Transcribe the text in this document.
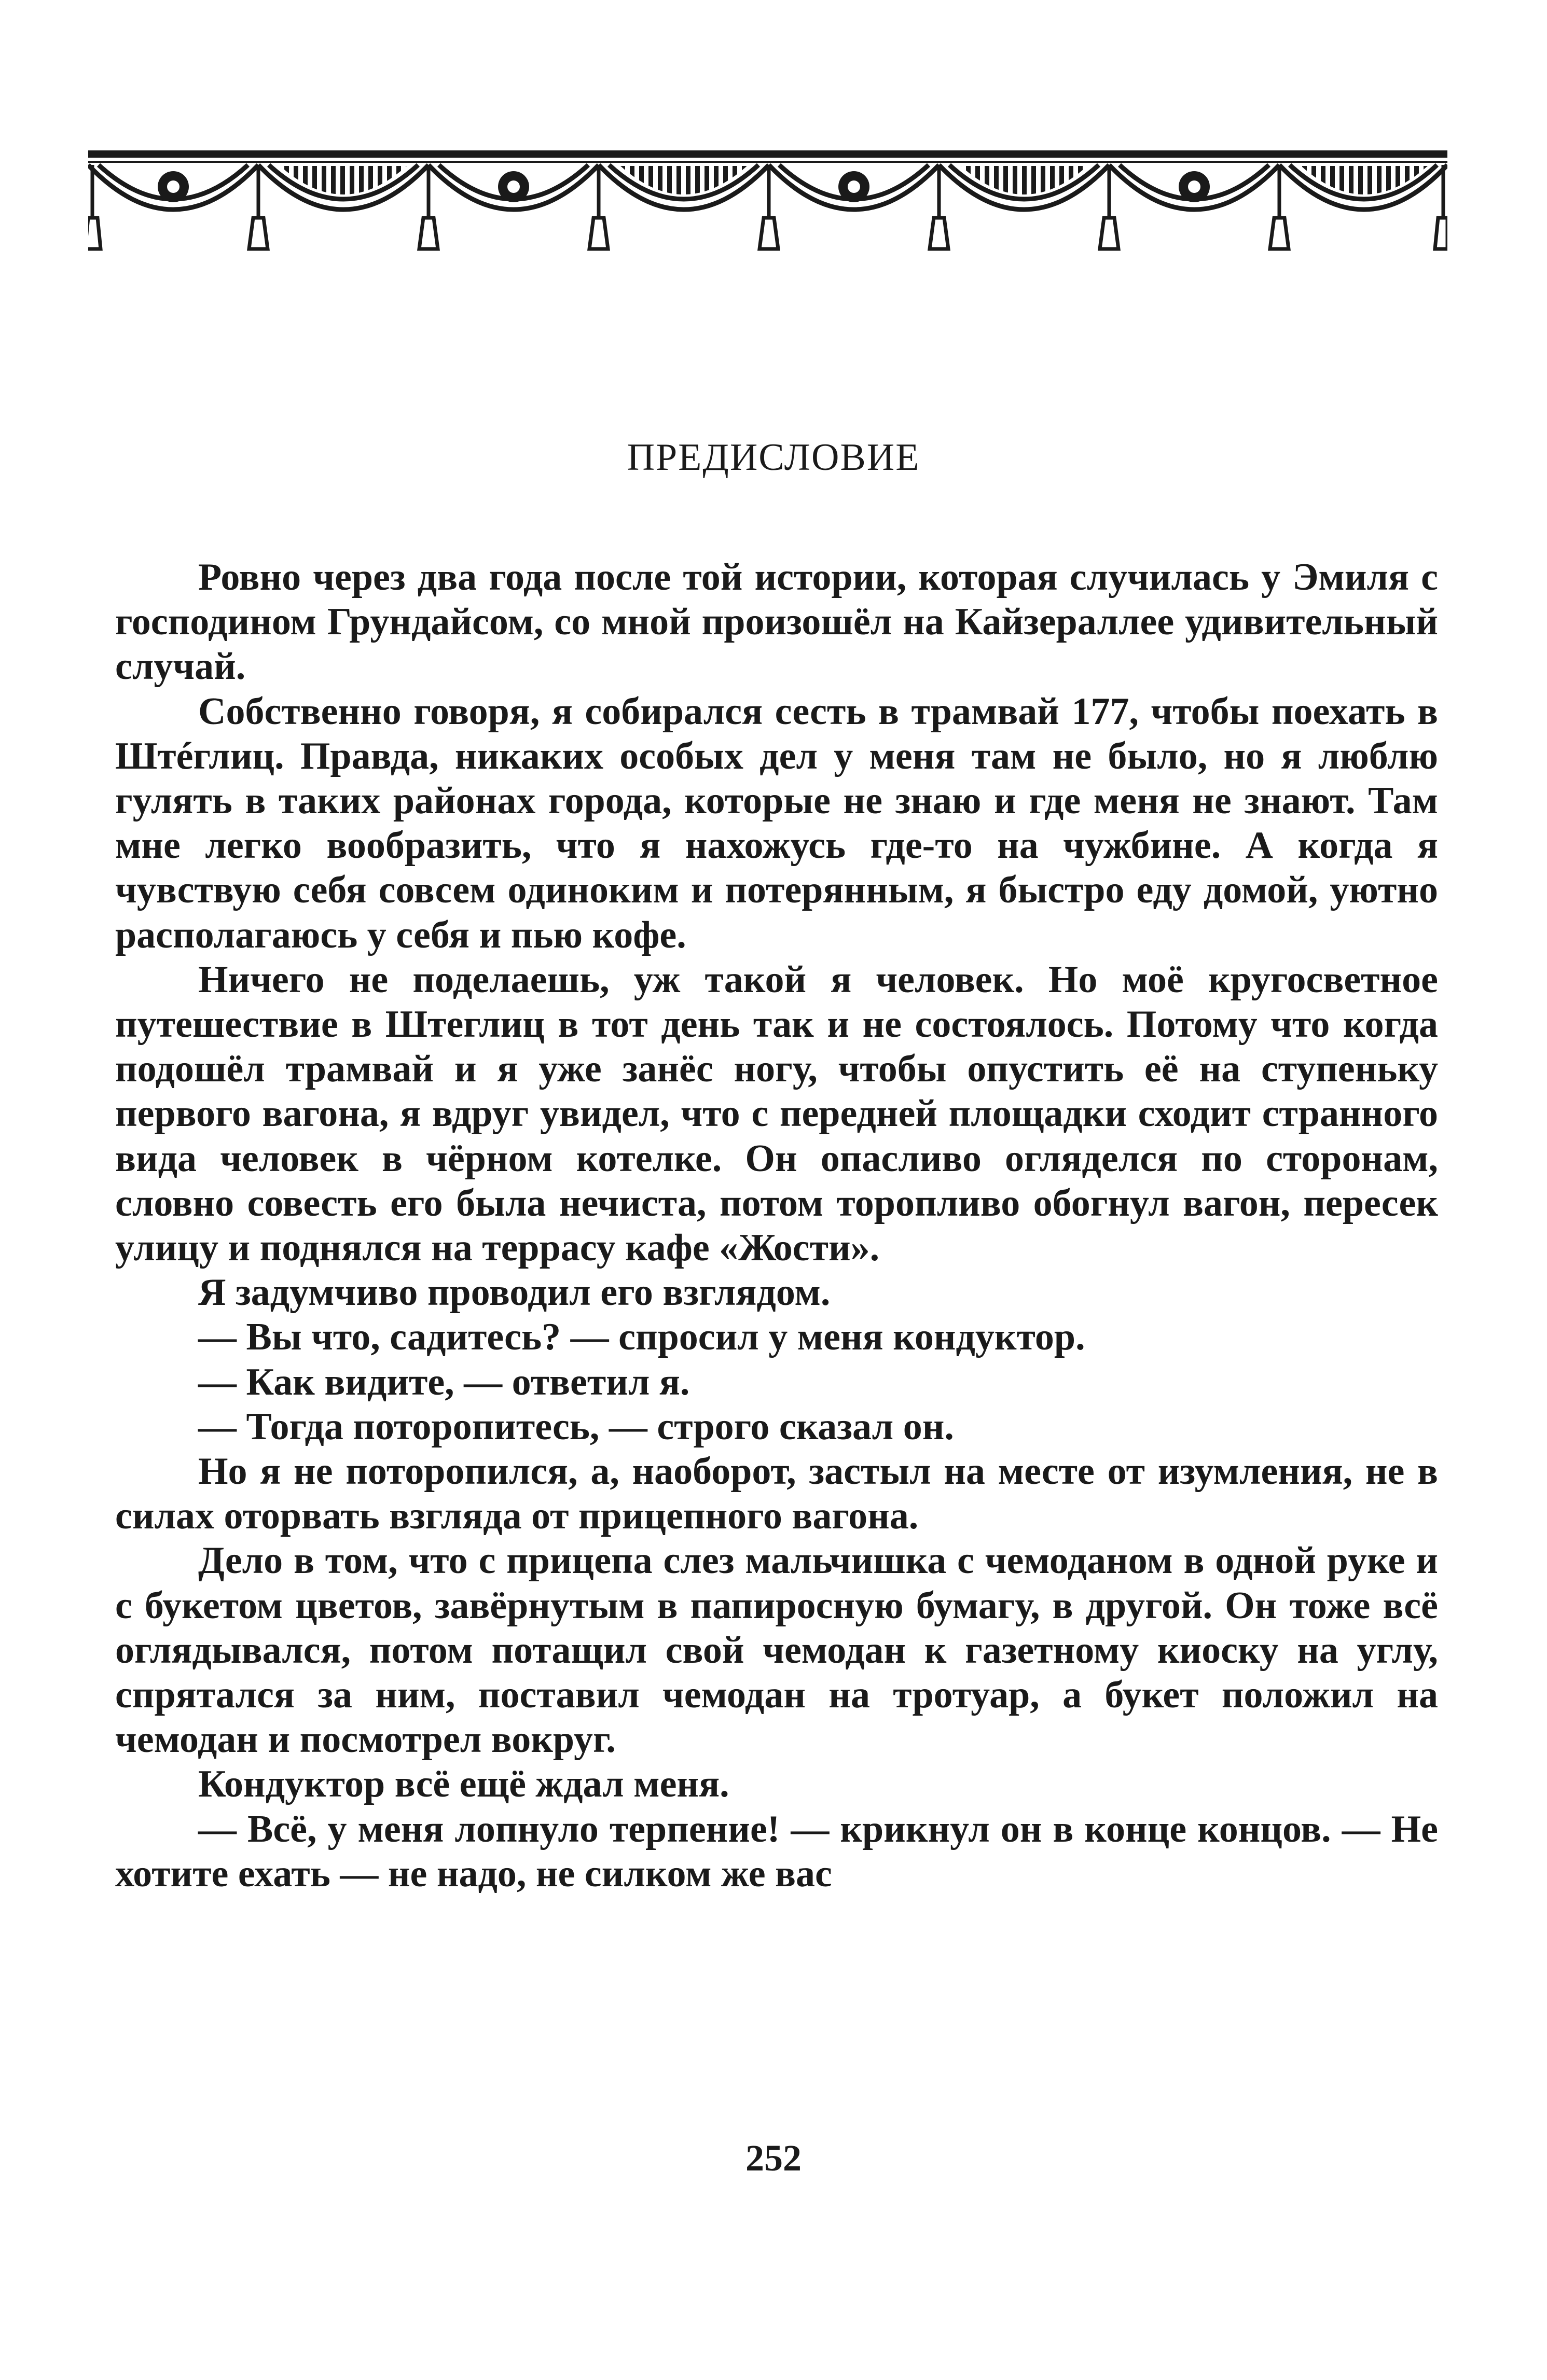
ПРЕДИСЛОВИЕ

Ровно через два года после той истории, которая случилась у Эмиля с господином Грундайсом, со мной произошёл на Кайзераллее удивительный случай.

Собственно говоря, я собирался сесть в трамвай 177, чтобы поехать в Штéглиц. Правда, никаких особых дел у меня там не было, но я люблю гулять в таких районах города, которые не знаю и где меня не знают. Там мне легко вообразить, что я нахожусь где-то на чужбине. А когда я чувствую себя совсем одиноким и потерянным, я быстро еду домой, уютно располагаюсь у себя и пью кофе.

Ничего не поделаешь, уж такой я человек. Но моё кругосветное путешествие в Штеглиц в тот день так и не состоялось. Потому что когда подошёл трамвай и я уже занёс ногу, чтобы опустить её на ступеньку первого вагона, я вдруг увидел, что с передней площадки сходит странного вида человек в чёрном котелке. Он опасливо огляделся по сторонам, словно совесть его была нечиста, потом торопливо обогнул вагон, пересек улицу и поднялся на террасу кафе «Жости».

Я задумчиво проводил его взглядом.

— Вы что, садитесь? — спросил у меня кондуктор.

— Как видите, — ответил я.

— Тогда поторопитесь, — строго сказал он.

Но я не поторопился, а, наоборот, застыл на месте от изумления, не в силах оторвать взгляда от прицепного вагона.

Дело в том, что с прицепа слез мальчишка с чемоданом в одной руке и с букетом цветов, завёрнутым в папиросную бумагу, в другой. Он тоже всё оглядывался, потом потащил свой чемодан к газетному киоску на углу, спрятался за ним, поставил чемодан на тротуар, а букет положил на чемодан и посмотрел вокруг.

Кондуктор всё ещё ждал меня.

— Всё, у меня лопнуло терпение! — крикнул он в конце концов. — Не хотите ехать — не надо, не силком же вас

252
